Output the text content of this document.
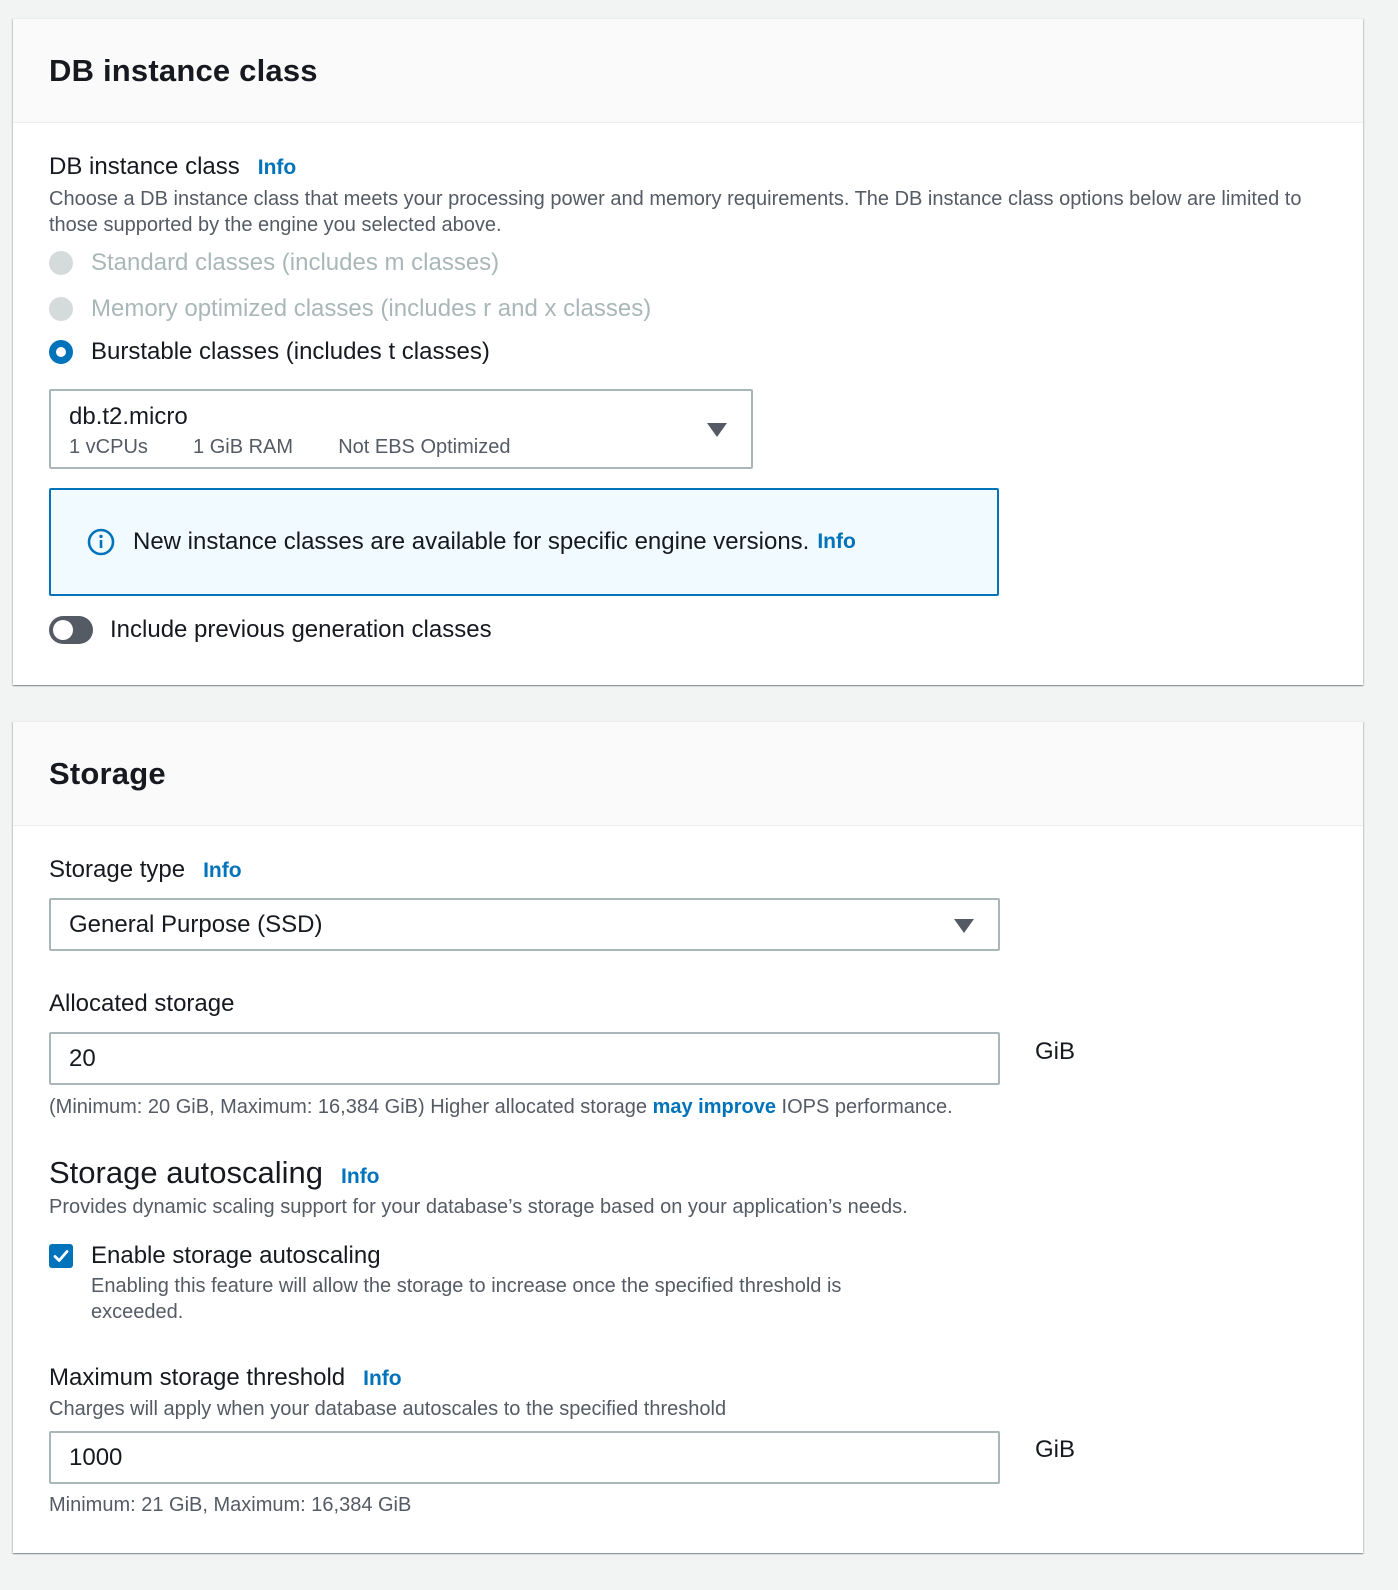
DB instance class
DB instance class Info
Choose a DB instance class that meets your processing power and memory requirements. The DB instance class options below are limited to those supported by the engine you selected above.
Standard classes (includes m classes)
Memory optimized classes (includes r and x classes)
Burstable classes (includes t classes)
db.t2.micro
1 vCPUs 1 GiB RAM Not EBS Optimized
New instance classes are available for specific engine versions. Info
Include previous generation classes
Storage
Storage type Info
General Purpose (SSD)
Allocated storage
20	GiB
(Minimum: 20 GiB, Maximum: 16,384 GiB) Higher allocated storage may improve IOPS performance.
Storage autoscaling Info
Provides dynamic scaling support for your database’s storage based on your application’s needs.
Enable storage autoscaling
Enabling this feature will allow the storage to increase once the specified threshold is exceeded.
Maximum storage threshold Info
Charges will apply when your database autoscales to the specified threshold
1000	GiB
Minimum: 21 GiB, Maximum: 16,384 GiB
